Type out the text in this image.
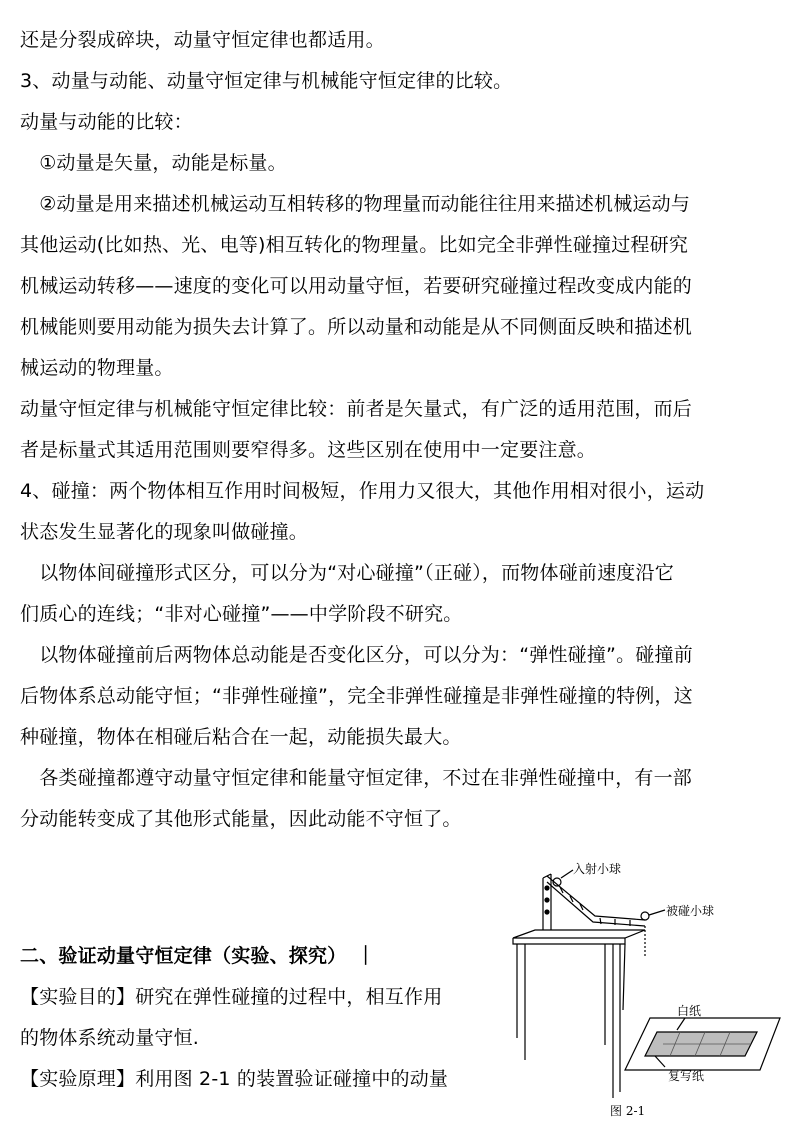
还是分裂成碎块，动量守恒定律也都适用。
3、动量与动能、动量守恒定律与机械能守恒定律的比较。
动量与动能的比较：
　①动量是矢量，动能是标量。
　②动量是用来描述机械运动互相转移的物理量而动能往往用来描述机械运动与
其他运动(比如热、光、电等)相互转化的物理量。比如完全非弹性碰撞过程研究
机械运动转移——速度的变化可以用动量守恒，若要研究碰撞过程改变成内能的
机械能则要用动能为损失去计算了。所以动量和动能是从不同侧面反映和描述机
械运动的物理量。
动量守恒定律与机械能守恒定律比较：前者是矢量式，有广泛的适用范围，而后
者是标量式其适用范围则要窄得多。这些区别在使用中一定要注意。
4、碰撞：两个物体相互作用时间极短，作用力又很大，其他作用相对很小，运动
状态发生显著化的现象叫做碰撞。
　以物体间碰撞形式区分，可以分为“对心碰撞”（正碰），而物体碰前速度沿它
们质心的连线；“非对心碰撞”——中学阶段不研究。
　以物体碰撞前后两物体总动能是否变化区分，可以分为：“弹性碰撞”。碰撞前
后物体系总动能守恒；“非弹性碰撞”，完全非弹性碰撞是非弹性碰撞的特例，这
种碰撞，物体在相碰后粘合在一起，动能损失最大。
　各类碰撞都遵守动量守恒定律和能量守恒定律，不过在非弹性碰撞中，有一部
分动能转变成了其他形式能量，因此动能不守恒了。
二、验证动量守恒定律（实验、探究）　｜
【实验目的】研究在弹性碰撞的过程中，相互作用
的物体系统动量守恒.
【实验原理】利用图 2-1 的装置验证碰撞中的动量
入射小球
被碰小球
白纸
复写纸
图 2-1
